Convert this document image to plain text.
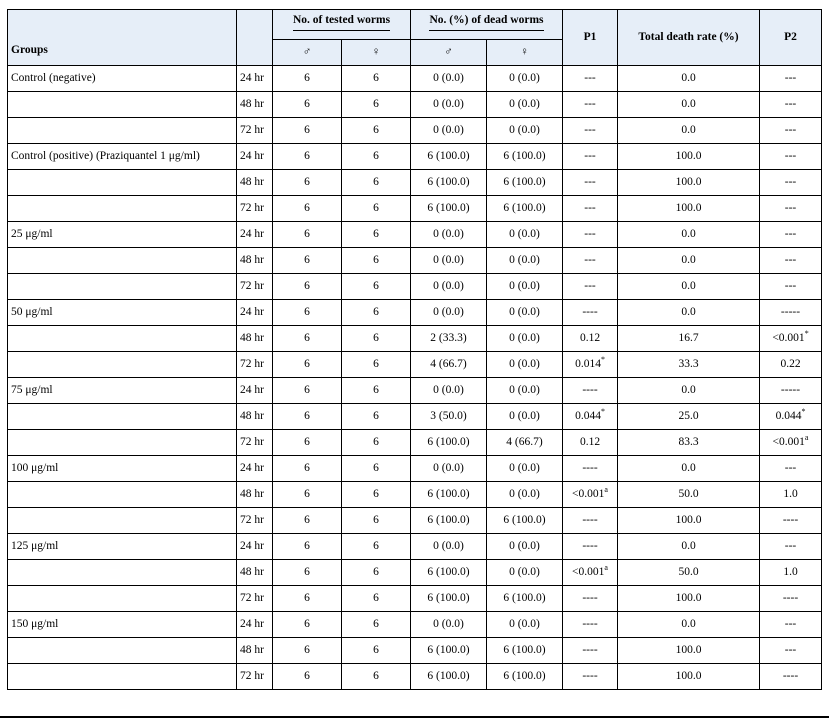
Groups		No. of tested worms		No. (%) of dead worms		P1	Total death rate (%)	P2
		♂	♀	♂	♀			
Control (negative)	24 hr	6	6	0 (0.0)	0 (0.0)	---	0.0	---
	48 hr	6	6	0 (0.0)	0 (0.0)	---	0.0	---
	72 hr	6	6	0 (0.0)	0 (0.0)	---	0.0	---
Control (positive) (Praziquantel 1 μg/ml)	24 hr	6	6	6 (100.0)	6 (100.0)	---	100.0	---
	48 hr	6	6	6 (100.0)	6 (100.0)	---	100.0	---
	72 hr	6	6	6 (100.0)	6 (100.0)	---	100.0	---
25 μg/ml	24 hr	6	6	0 (0.0)	0 (0.0)	---	0.0	---
	48 hr	6	6	0 (0.0)	0 (0.0)	---	0.0	---
	72 hr	6	6	0 (0.0)	0 (0.0)	---	0.0	---
50 μg/ml	24 hr	6	6	0 (0.0)	0 (0.0)	----	0.0	-----
	48 hr	6	6	2 (33.3)	0 (0.0)	0.12	16.7	<0.001*
	72 hr	6	6	4 (66.7)	0 (0.0)	0.014*	33.3	0.22
75 μg/ml	24 hr	6	6	0 (0.0)	0 (0.0)	----	0.0	-----
	48 hr	6	6	3 (50.0)	0 (0.0)	0.044*	25.0	0.044*
	72 hr	6	6	6 (100.0)	4 (66.7)	0.12	83.3	<0.001$^a$
100 μg/ml	24 hr	6	6	0 (0.0)	0 (0.0)	----	0.0	---
	48 hr	6	6	6 (100.0)	0 (0.0)	<0.001$^a$	50.0	1.0
	72 hr	6	6	6 (100.0)	6 (100.0)	----	100.0	----
125 μg/ml	24 hr	6	6	0 (0.0)	0 (0.0)	----	0.0	---
	48 hr	6	6	6 (100.0)	0 (0.0)	<0.001$^a$	50.0	1.0
	72 hr	6	6	6 (100.0)	6 (100.0)	----	100.0	----
150 μg/ml	24 hr	6	6	0 (0.0)	0 (0.0)	----	0.0	---
	48 hr	6	6	6 (100.0)	6 (100.0)	----	100.0	---
	72 hr	6	6	6 (100.0)	6 (100.0)	----	100.0	----
